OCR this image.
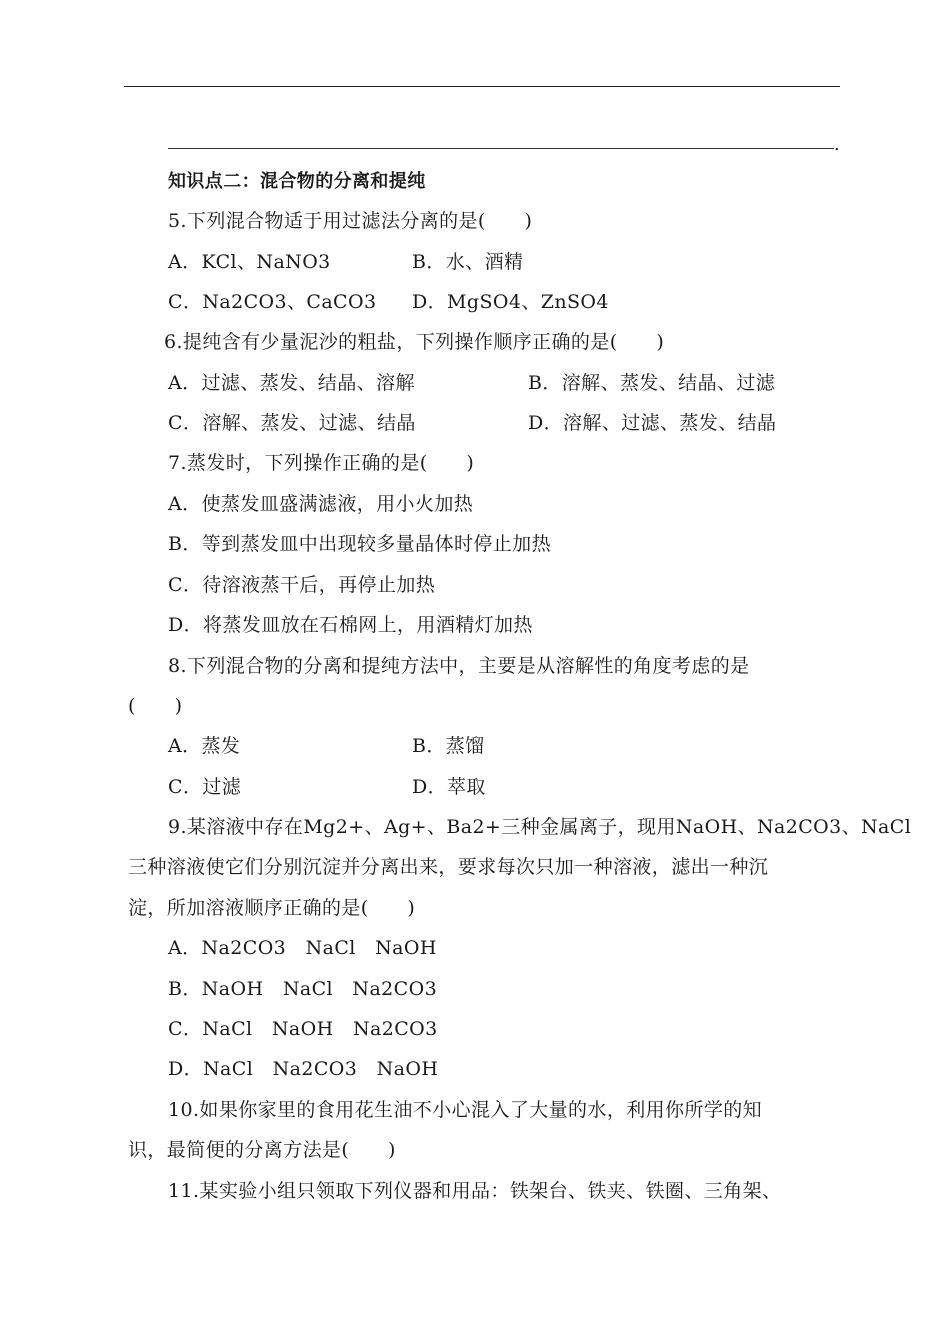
.
知识点二：混合物的分离和提纯
5.下列混合物适于用过滤法分离的是(　　)
A．KCl、NaNO3	B．水、酒精
C．Na2CO3、CaCO3 D．MgSO4、ZnSO4
6.提纯含有少量泥沙的粗盐，下列操作顺序正确的是(　　)
A．过滤、蒸发、结晶、溶解	B．溶解、蒸发、结晶、过滤
C．溶解、蒸发、过滤、结晶	D．溶解、过滤、蒸发、结晶
7.蒸发时，下列操作正确的是(　　)
A．使蒸发皿盛满滤液，用小火加热
B．等到蒸发皿中出现较多量晶体时停止加热
C．待溶液蒸干后，再停止加热
D．将蒸发皿放在石棉网上，用酒精灯加热
8.下列混合物的分离和提纯方法中，主要是从溶解性的角度考虑的是
(　　)
A．蒸发	B．蒸馏
C．过滤	D．萃取
9.某溶液中存在Mg2+、Ag+、Ba2+三种金属离子，现用NaOH、Na2CO3、NaCl
三种溶液使它们分别沉淀并分离出来，要求每次只加一种溶液，滤出一种沉
淀，所加溶液顺序正确的是(　　)
A．Na2CO3　NaCl　NaOH
B．NaOH　NaCl　Na2CO3
C．NaCl　NaOH　Na2CO3
D．NaCl　Na2CO3　NaOH
10.如果你家里的食用花生油不小心混入了大量的水，利用你所学的知
识，最简便的分离方法是(　　)
11.某实验小组只领取下列仪器和用品：铁架台、铁夹、铁圈、三角架、
